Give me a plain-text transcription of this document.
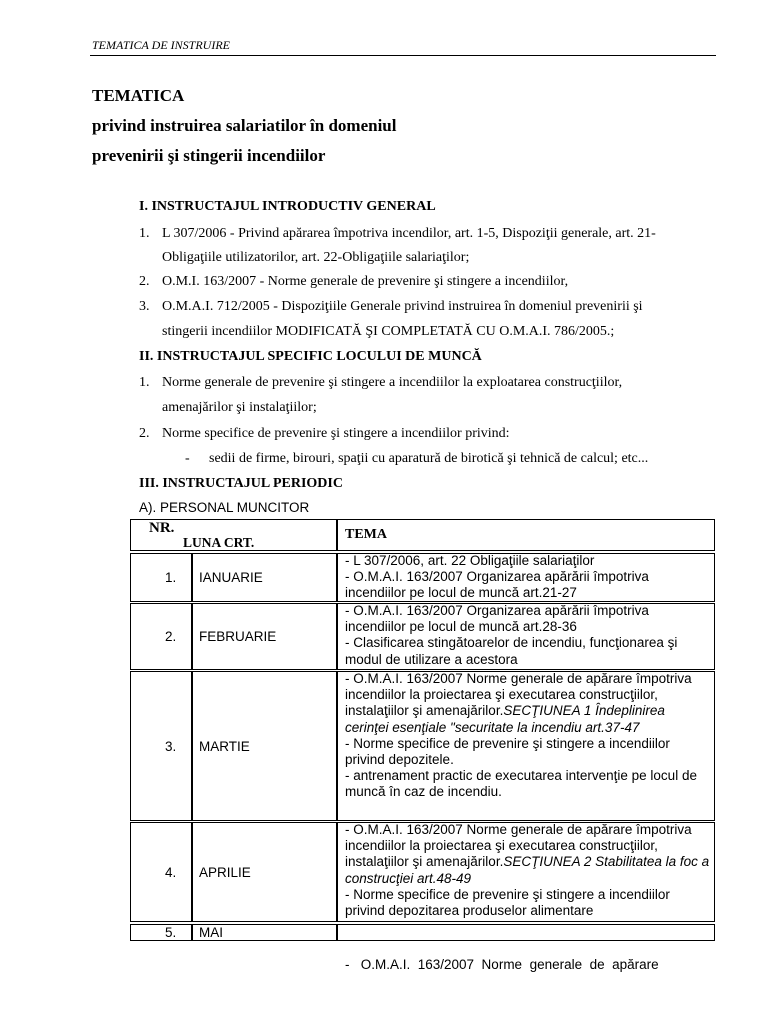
TEMATICA DE INSTRUIRE
TEMATICA
privind instruirea salariatilor în domeniul
prevenirii şi stingerii incendiilor
I. INSTRUCTAJUL INTRODUCTIV GENERAL
1. L 307/2006 - Privind apărarea împotriva incendilor, art. 1-5, Dispoziţii generale, art. 21-
Obligaţiile utilizatorilor, art. 22-Obligaţiile salariaţilor;
2. O.M.I. 163/2007 - Norme generale de prevenire şi stingere a incendiilor,
3. O.M.A.I. 712/2005 - Dispoziţiile Generale privind instruirea în domeniul prevenirii şi
stingerii incendiilor MODIFICATĂ ŞI COMPLETATĂ CU O.M.A.I. 786/2005.;
II. INSTRUCTAJUL SPECIFIC LOCULUI DE MUNCĂ
1. Norme generale de prevenire şi stingere a incendiilor la exploatarea construcţiilor,
amenajărilor şi instalaţiilor;
2. Norme specifice de prevenire şi stingere a incendiilor privind:
- sedii de firme, birouri, spaţii cu aparatură de birotică şi tehnică de calcul; etc...
III. INSTRUCTAJUL PERIODIC
A). PERSONAL MUNCITOR
NR.
LUNA CRT.
TEMA
1. IANUARIE

- L 307/2006, art. 22 Obligaţiile salariaţilor

- O.M.A.I. 163/2007 Organizarea apărării împotriva incendiilor pe locul de muncă art.21-27

2. FEBRUARIE

- O.M.A.I. 163/2007 Organizarea apărării împotriva incendiilor pe locul de muncă art.28-36

- Clasificarea stingătoarelor de incendiu, funcţionarea şi modul de utilizare a acestora

3. MARTIE

- O.M.A.I. 163/2007 Norme generale de apărare împotriva incendiilor la proiectarea şi executarea construcţiilor, instalaţiilor şi amenajărilor.SECŢIUNEA 1 Îndeplinirea cerinţei esenţiale "securitate la incendiu art.37-47

- Norme specifice de prevenire şi stingere a incendiilor privind depozitele.

- antrenament practic de executarea intervenţie pe locul de muncă în caz de incendiu.

4. APRILIE

- O.M.A.I. 163/2007 Norme generale de apărare împotriva incendiilor la proiectarea şi executarea construcţiilor, instalaţiilor şi amenajărilor.SECŢIUNEA 2 Stabilitatea la foc a construcţiei art.48-49

- Norme specifice de prevenire şi stingere a incendiilor privind depozitarea produselor alimentare

5. MAI

-   O.M.A.I.  163/2007  Norme  generale  de  apărare
